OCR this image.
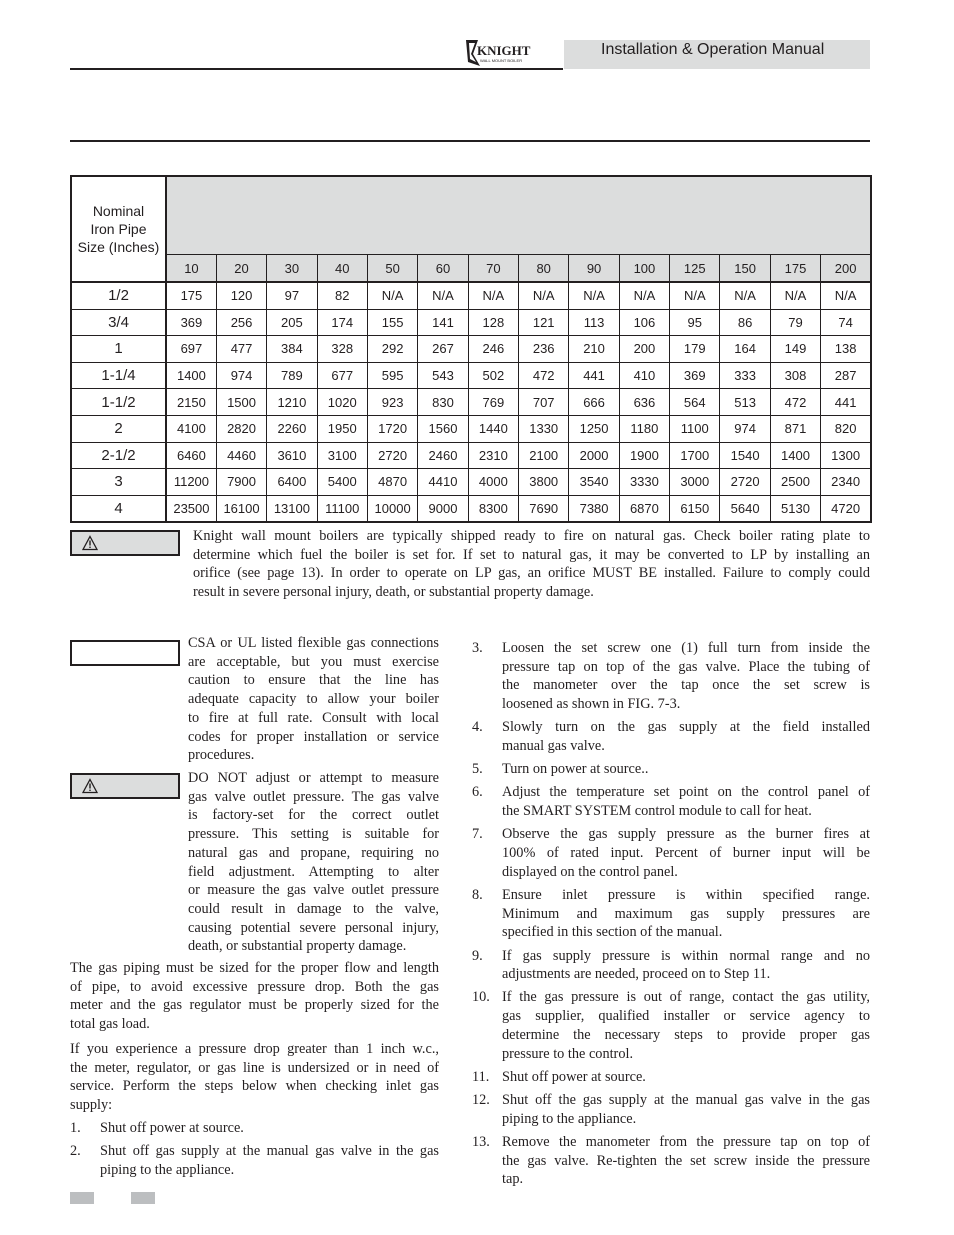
KNIGHT
WALL MOUNT BOILER
Installation & Operation Manual
Nominal
Iron Pipe
Size (Inches)														

	10	20	30	40	50	60	70	80	90	100	125	150	175	200
1/2	175	120	97	82	N/A	N/A	N/A	N/A	N/A	N/A	N/A	N/A	N/A	N/A
3/4	369	256	205	174	155	141	128	121	113	106	95	86	79	74
1	697	477	384	328	292	267	246	236	210	200	179	164	149	138
1-1/4	1400	974	789	677	595	543	502	472	441	410	369	333	308	287
1-1/2	2150	1500	1210	1020	923	830	769	707	666	636	564	513	472	441
2	4100	2820	2260	1950	1720	1560	1440	1330	1250	1180	1100	974	871	820
2-1/2	6460	4460	3610	3100	2720	2460	2310	2100	2000	1900	1700	1540	1400	1300
3	11200	7900	6400	5400	4870	4410	4000	3800	3540	3330	3000	2720	2500	2340
4	23500	16100	13100	11100	10000	9000	8300	7690	7380	6870	6150	5640	5130	4720
Knight wall mount boilers are typically shipped ready to fire on natural gas. Check boiler rating plate to
determine which fuel the boiler is set for. If set to natural gas, it may be converted to LP by installing an
orifice (see page 13). In order to operate on LP gas, an orifice MUST BE installed. Failure to comply could
result in severe personal injury, death, or substantial property damage.
CSA or UL listed flexible gas connections
are acceptable, but you must exercise
caution to ensure that the line has
adequate capacity to allow your boiler
to fire at full rate. Consult with local
codes for proper installation or service
procedures.
DO NOT adjust or attempt to measure
gas valve outlet pressure. The gas valve
is factory-set for the correct outlet
pressure. This setting is suitable for
natural gas and propane, requiring no
field adjustment. Attempting to alter
or measure the gas valve outlet pressure
could result in damage to the valve,
causing potential severe personal injury,
death, or substantial property damage.
The gas piping must be sized for the proper flow and length
of pipe, to avoid excessive pressure drop. Both the gas
meter and the gas regulator must be properly sized for the
total gas load.
If you experience a pressure drop greater than 1 inch w.c.,
the meter, regulator, or gas line is undersized or in need of
service. Perform the steps below when checking inlet gas
supply:
1. Shut off power at source.
2. Shut off gas supply at the manual gas valve in the gas
piping to the appliance.
3. Loosen the set screw one (1) full turn from inside the
pressure tap on top of the gas valve. Place the tubing of
the manometer over the tap once the set screw is
loosened as shown in FIG. 7-3.
4. Slowly turn on the gas supply at the field installed
manual gas valve.
5. Turn on power at source..
6. Adjust the temperature set point on the control panel of
the SMART SYSTEM control module to call for heat.
7. Observe the gas supply pressure as the burner fires at
100% of rated input. Percent of burner input will be
displayed on the control panel.
8. Ensure inlet pressure is within specified range.
Minimum and maximum gas supply pressures are
specified in this section of the manual.
9. If gas supply pressure is within normal range and no
adjustments are needed, proceed on to Step 11.
10. If the gas pressure is out of range, contact the gas utility,
gas supplier, qualified installer or service agency to
determine the necessary steps to provide proper gas
pressure to the control.
11. Shut off power at source.
12. Shut off the gas supply at the manual gas valve in the gas
piping to the appliance.
13. Remove the manometer from the pressure tap on top of
the gas valve. Re-tighten the set screw inside the pressure
tap.
